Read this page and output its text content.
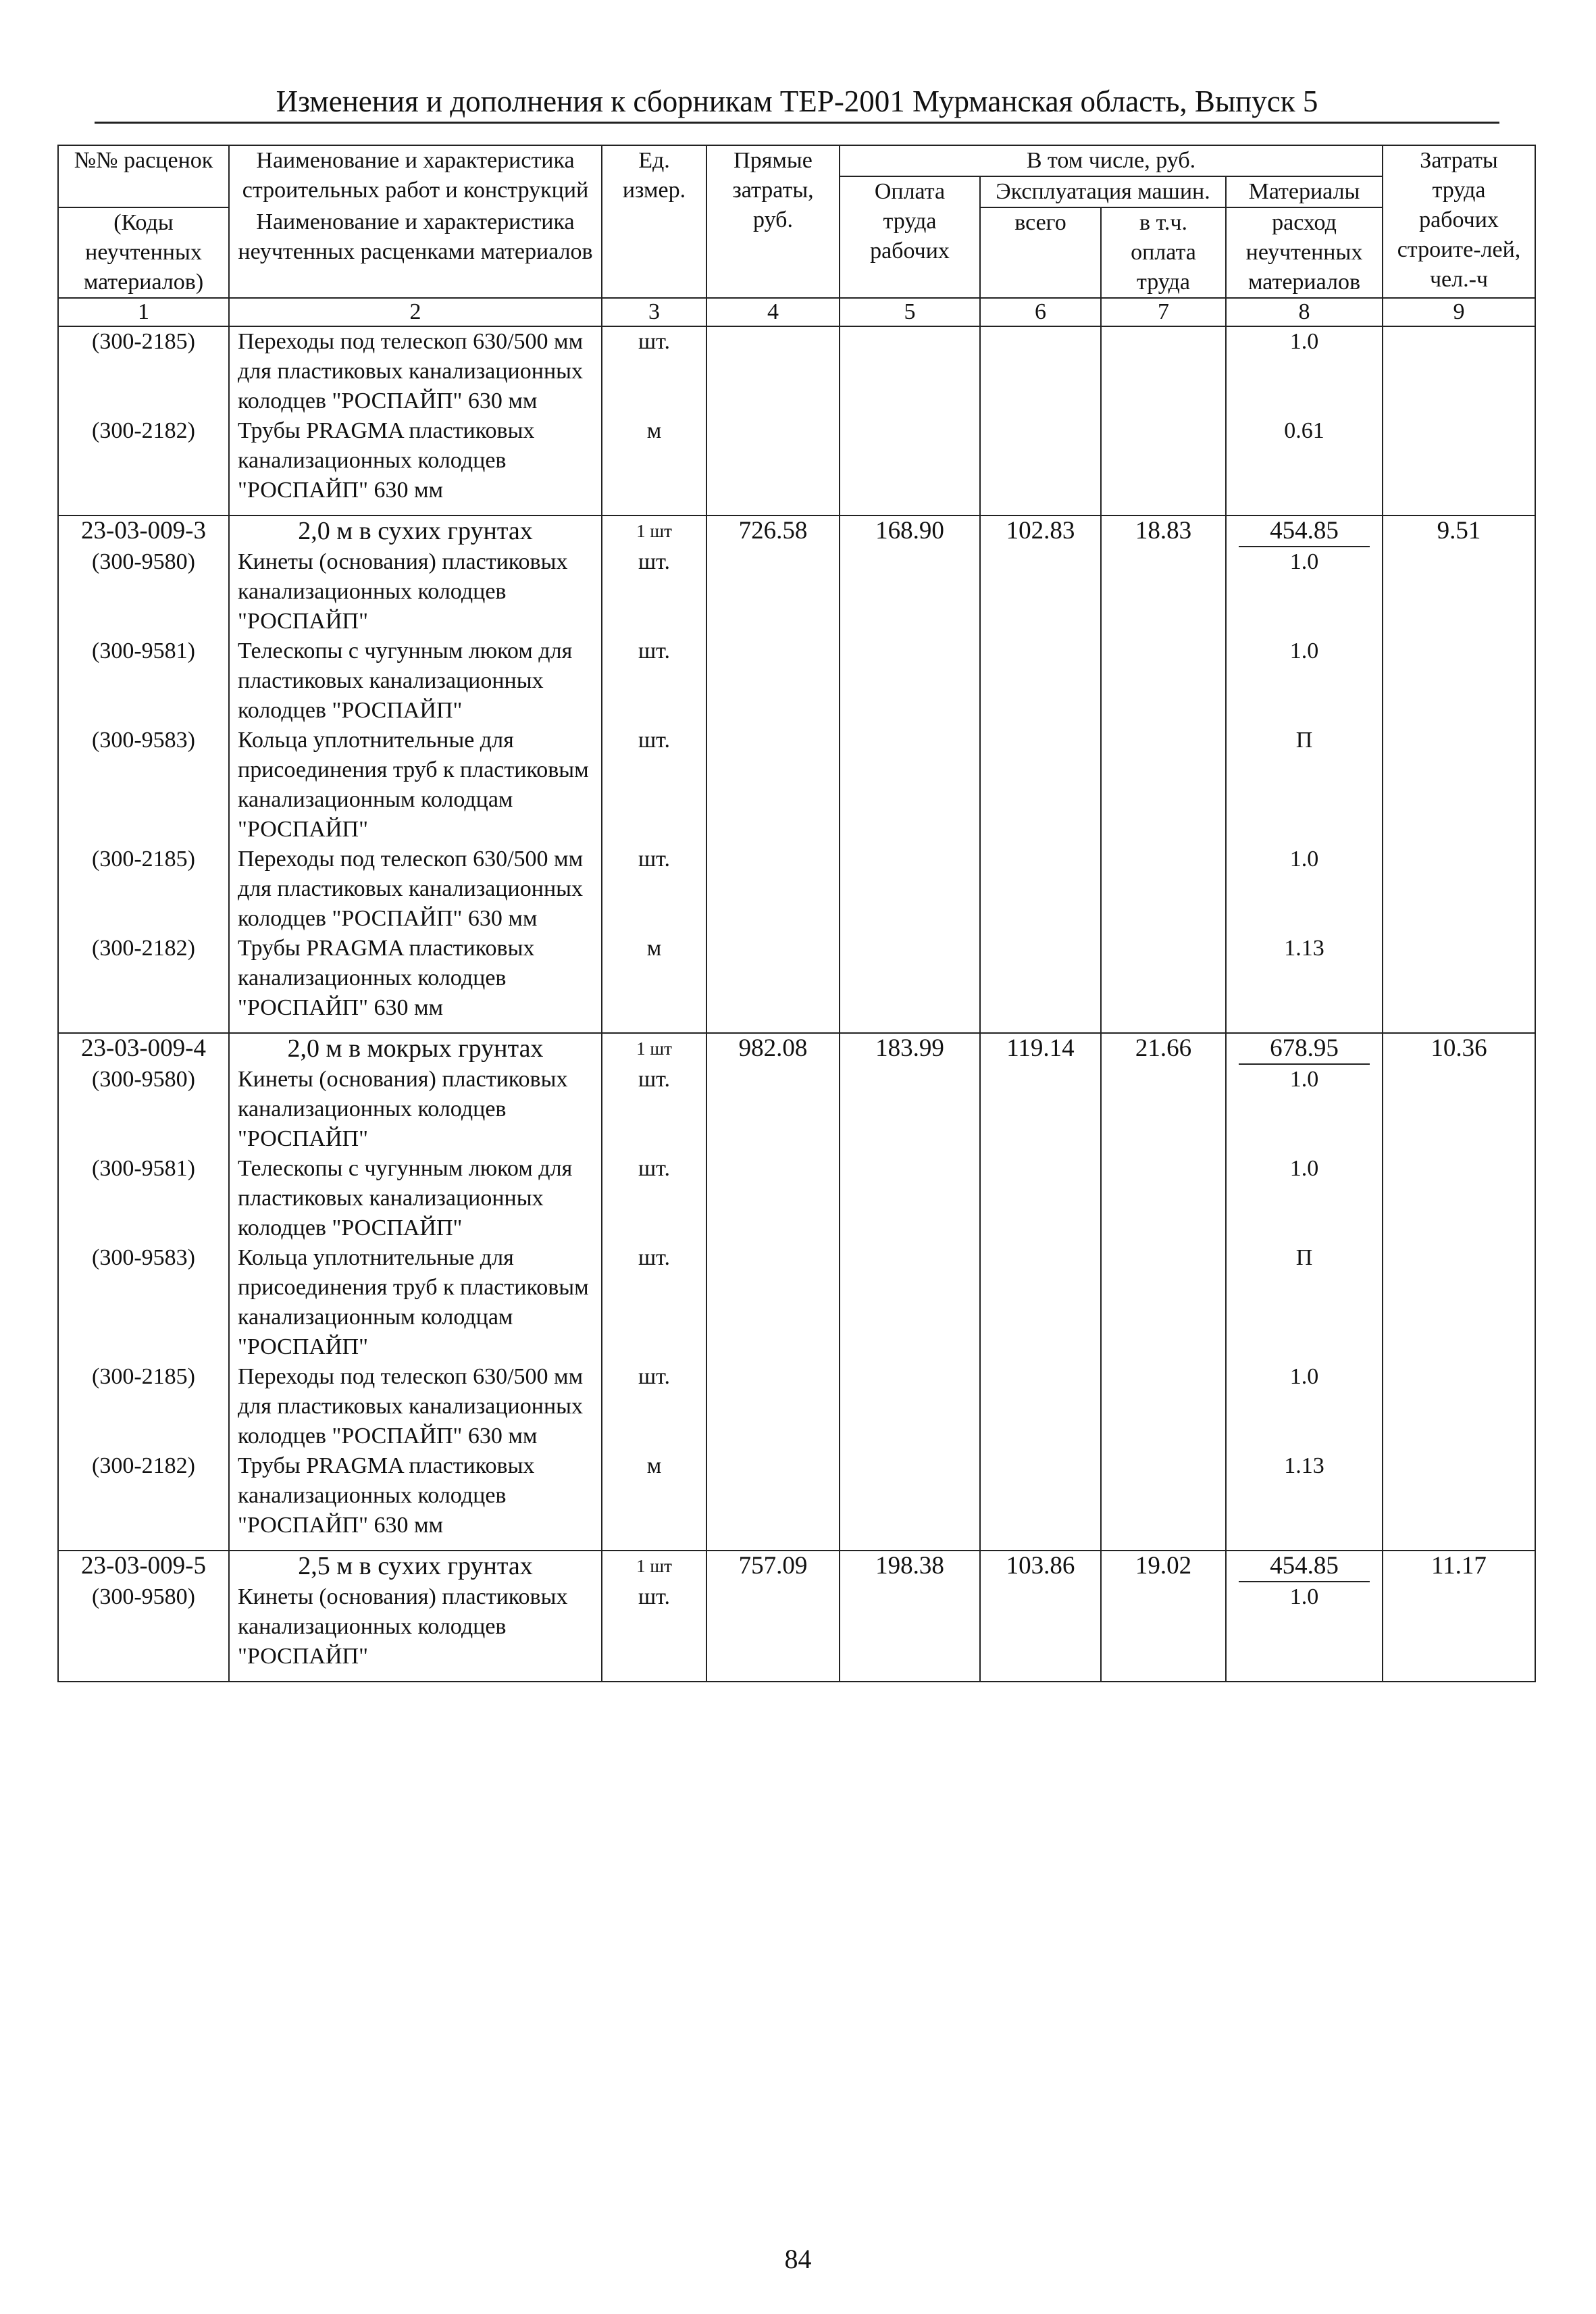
Изменения и дополнения к сборникам ТЕР-2001 Мурманская область, Выпуск 5
№№ расценок	Наименование и характеристика строительных работ и конструкций	Ед. измер.	Прямые затраты, руб.	В том числе, руб.				Затраты труда рабочих строите-лей, чел.-ч
				Оплата труда рабочих	Эксплуатация машин.		Материалы	
(Коды неучтенных материалов)	Наименование и характеристика неучтенных расценками материалов				всего	в т.ч. оплата труда	расход неучтенных материалов	

1	2	3	4	5	6	7	8	9
(300-2185)	Переходы под телескоп 630/500 мм для пластиковых канализационных колодцев "РОСПАЙП" 630 мм	шт.					1.0	
(300-2182)	Трубы PRAGMA пластиковых канализационных колодцев "РОСПАЙП" 630 мм	м					0.61	
23-03-009-3	2,0 м в сухих грунтах	1 шт	726.58	168.90	102.83	18.83	454.85	9.51
(300-9580)	Кинеты (основания) пластиковых канализационных колодцев "РОСПАЙП"	шт.					1.0	
(300-9581)	Телескопы с чугунным люком для пластиковых канализационных колодцев "РОСПАЙП"	шт.					1.0	
(300-9583)	Кольца уплотнительные для присоединения труб к пластиковым канализационным колодцам "РОСПАЙП"	шт.					П	
(300-2185)	Переходы под телескоп 630/500 мм для пластиковых канализационных колодцев "РОСПАЙП" 630 мм	шт.					1.0	
(300-2182)	Трубы PRAGMA пластиковых канализационных колодцев "РОСПАЙП" 630 мм	м					1.13	
23-03-009-4	2,0 м в мокрых грунтах	1 шт	982.08	183.99	119.14	21.66	678.95	10.36
(300-9580)	Кинеты (основания) пластиковых канализационных колодцев "РОСПАЙП"	шт.					1.0	
(300-9581)	Телескопы с чугунным люком для пластиковых канализационных колодцев "РОСПАЙП"	шт.					1.0	
(300-9583)	Кольца уплотнительные для присоединения труб к пластиковым канализационным колодцам "РОСПАЙП"	шт.					П	
(300-2185)	Переходы под телескоп 630/500 мм для пластиковых канализационных колодцев "РОСПАЙП" 630 мм	шт.					1.0	
(300-2182)	Трубы PRAGMA пластиковых канализационных колодцев "РОСПАЙП" 630 мм	м					1.13	
23-03-009-5	2,5 м в сухих грунтах	1 шт	757.09	198.38	103.86	19.02	454.85	11.17
(300-9580)	Кинеты (основания) пластиковых канализационных колодцев "РОСПАЙП"	шт.					1.0	
84
